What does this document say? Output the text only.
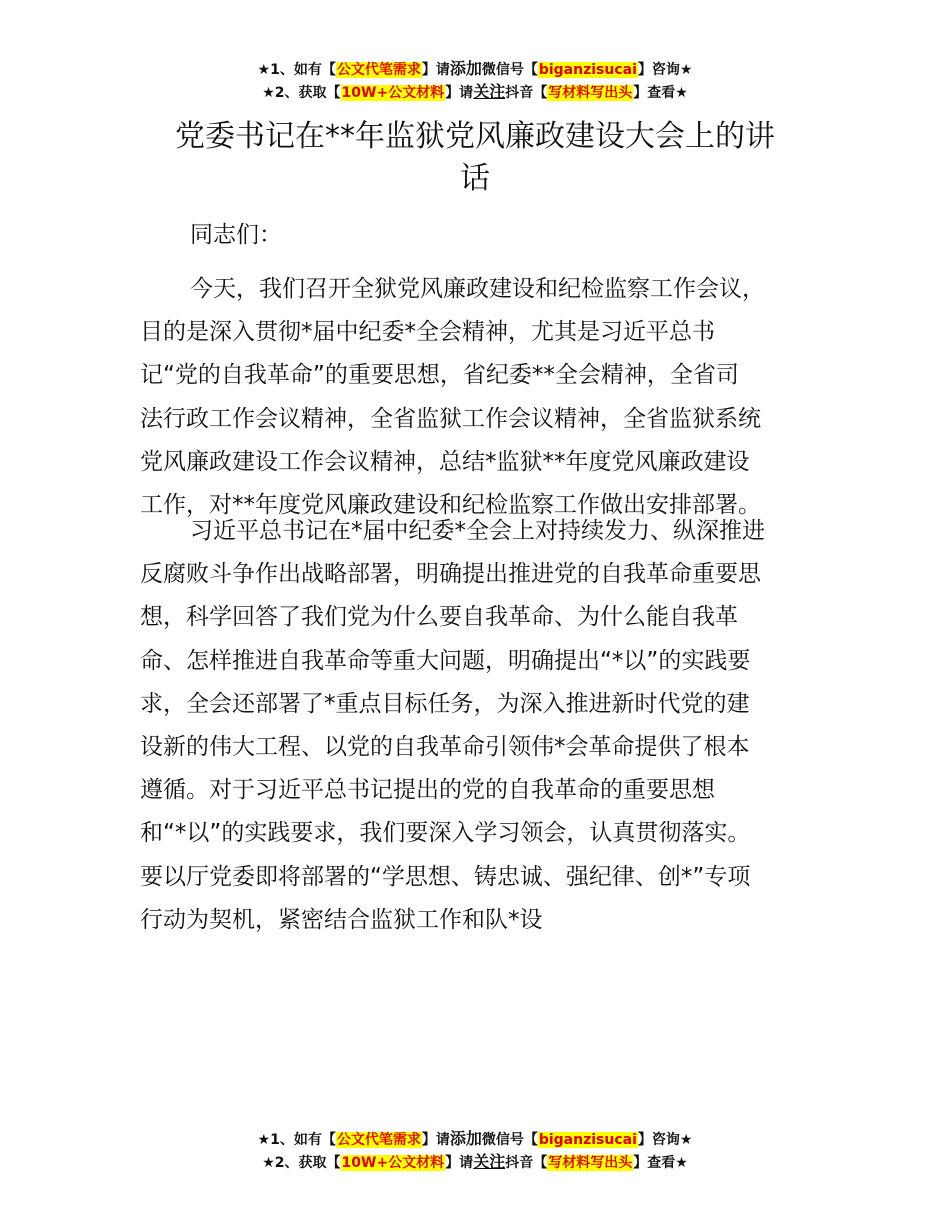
★1、如有【公文代笔需求】请添加微信号【biganzisucai】咨询★
★2、获取【10W+公文材料】请关注抖音【写材料写出头】查看★
党委书记在**年监狱党风廉政建设大会上的讲
话

同志们：

今天，我们召开全狱党风廉政建设和纪检监察工作会议，
目的是深入贯彻*届中纪委*全会精神，尤其是习近平总书
记“党的自我革命”的重要思想，省纪委**全会精神，全省司
法行政工作会议精神，全省监狱工作会议精神，全省监狱系统
党风廉政建设工作会议精神，总结*监狱**年度党风廉政建设
工作，对**年度党风廉政建设和纪检监察工作做出安排部署。
习近平总书记在*届中纪委*全会上对持续发力、纵深推进
反腐败斗争作出战略部署，明确提出推进党的自我革命重要思
想，科学回答了我们党为什么要自我革命、为什么能自我革
命、怎样推进自我革命等重大问题，明确提出“*以”的实践要
求，全会还部署了*重点目标任务，为深入推进新时代党的建
设新的伟大工程、以党的自我革命引领伟*会革命提供了根本
遵循。对于习近平总书记提出的党的自我革命的重要思想
和“*以”的实践要求，我们要深入学习领会，认真贯彻落实。
要以厅党委即将部署的“学思想、铸忠诚、强纪律、创*”专项
行动为契机，紧密结合监狱工作和队*设
★1、如有【公文代笔需求】请添加微信号【biganzisucai】咨询★
★2、获取【10W+公文材料】请关注抖音【写材料写出头】查看★
